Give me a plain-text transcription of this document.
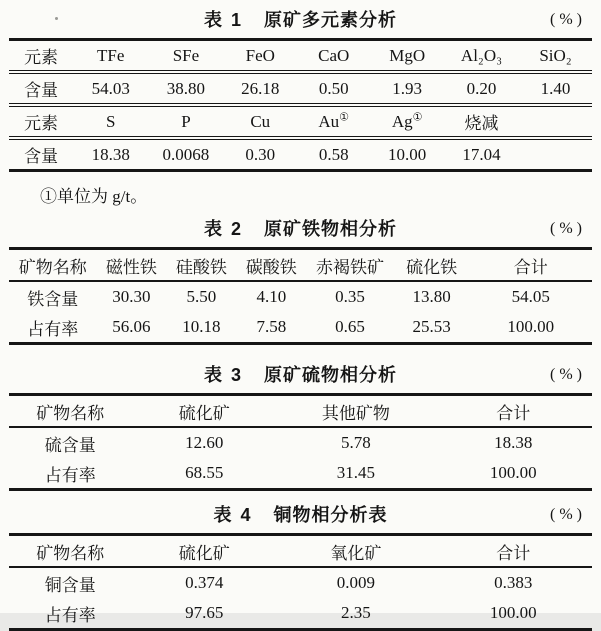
表 1 原矿多元素分析	(%)
元素	TFe	SFe	FeO	CaO	MgO	Al₂O₃	SiO₂
含量	54.03	38.80	26.18	0.50	1.93	0.20	1.40
元素	S	P	Cu	Au①	Ag①	烧减	
含量	18.38	0.0068	0.30	0.58	10.00	17.04	
①单位为 g/t。
表 2 原矿铁物相分析	(%)
矿物名称	磁性铁	硅酸铁	碳酸铁	赤褐铁矿	硫化铁	合计
铁含量	30.30	5.50	4.10	0.35	13.80	54.05
占有率	56.06	10.18	7.58	0.65	25.53	100.00
表 3 原矿硫物相分析	(%)
矿物名称	硫化矿	其他矿物	合计
硫含量	12.60	5.78	18.38
占有率	68.55	31.45	100.00
表 4 铜物相分析表	(%)
矿物名称	硫化矿	氧化矿	合计
铜含量	0.374	0.009	0.383
占有率	97.65	2.35	100.00
